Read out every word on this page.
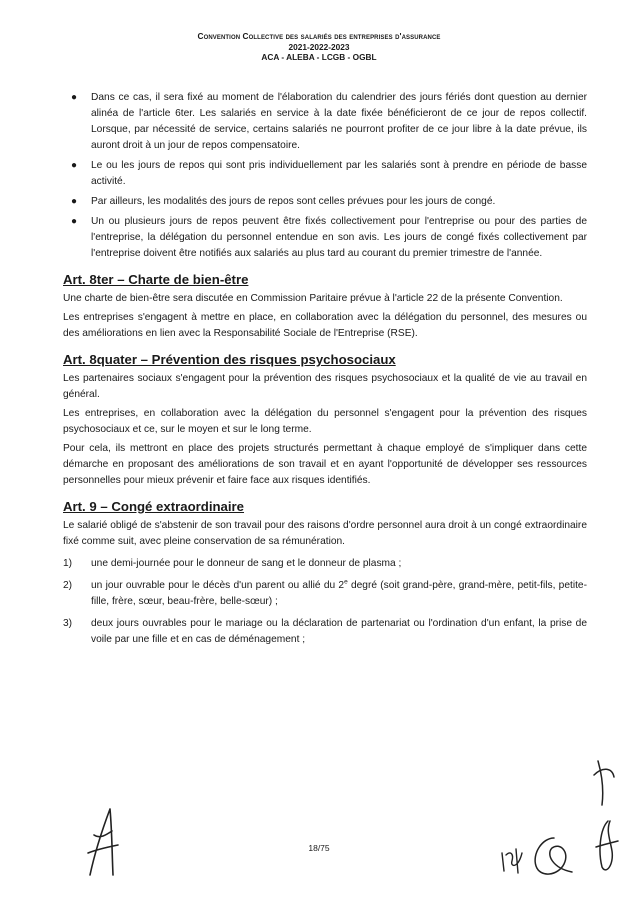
Convention Collective des salariés des entreprises d'assurance
2021-2022-2023
ACA - ALEBA - LCGB - OGBL
● Dans ce cas, il sera fixé au moment de l'élaboration du calendrier des jours fériés dont question au dernier alinéa de l'article 6ter. Les salariés en service à la date fixée bénéficieront de ce jour de repos collectif. Lorsque, par nécessité de service, certains salariés ne pourront profiter de ce jour libre à la date prévue, ils auront droit à un jour de repos compensatoire.
● Le ou les jours de repos qui sont pris individuellement par les salariés sont à prendre en période de basse activité.
● Par ailleurs, les modalités des jours de repos sont celles prévues pour les jours de congé.
● Un ou plusieurs jours de repos peuvent être fixés collectivement pour l'entreprise ou pour des parties de l'entreprise, la délégation du personnel entendue en son avis. Les jours de congé fixés collectivement par l'entreprise doivent être notifiés aux salariés au plus tard au courant du premier trimestre de l'année.
Art. 8ter – Charte de bien-être

Une charte de bien-être sera discutée en Commission Paritaire prévue à l'article 22 de la présente Convention.

Les entreprises s'engagent à mettre en place, en collaboration avec la délégation du personnel, des mesures ou des améliorations en lien avec la Responsabilité Sociale de l'Entreprise (RSE).

Art. 8quater – Prévention des risques psychosociaux

Les partenaires sociaux s'engagent pour la prévention des risques psychosociaux et la qualité de vie au travail en général.

Les entreprises, en collaboration avec la délégation du personnel s'engagent pour la prévention des risques psychosociaux et ce, sur le moyen et sur le long terme.

Pour cela, ils mettront en place des projets structurés permettant à chaque employé de s'impliquer dans cette démarche en proposant des améliorations de son travail et en ayant l'opportunité de développer ses ressources personnelles pour mieux prévenir et faire face aux risques identifiés.

Art. 9 – Congé extraordinaire

Le salarié obligé de s'abstenir de son travail pour des raisons d'ordre personnel aura droit à un congé extraordinaire fixé comme suit, avec pleine conservation de sa rémunération.

1) une demi-journée pour le donneur de sang et le donneur de plasma ;
2) un jour ouvrable pour le décès d'un parent ou allié du 2e degré (soit grand-père, grand-mère, petit-fils, petite-fille, frère, sœur, beau-frère, belle-sœur) ;
3) deux jours ouvrables pour le mariage ou la déclaration de partenariat ou l'ordination d'un enfant, la prise de voile par une fille et en cas de déménagement ;
18/75
